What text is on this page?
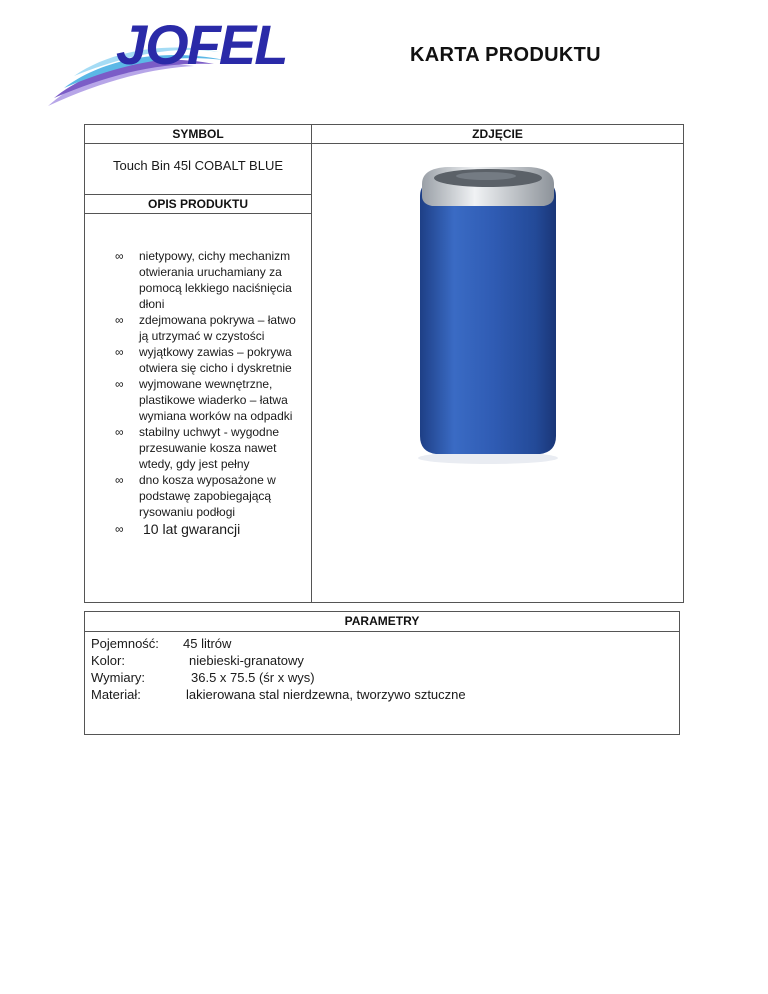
JOFEL	KARTA PRODUKTU
SYMBOL	ZDJĘCIE
Touch Bin 45l COBALT BLUE
OPIS PRODUKTU
∞ nietypowy, cichy mechanizm otwierania uruchamiany za pomocą lekkiego naciśnięcia dłoni
∞ zdejmowana pokrywa – łatwo ją utrzymać w czystości
∞ wyjątkowy zawias – pokrywa otwiera się cicho i dyskretnie
∞ wyjmowane wewnętrzne, plastikowe wiaderko – łatwa wymiana worków na odpadki
∞ stabilny uchwyt - wygodne przesuwanie kosza nawet wtedy, gdy jest pełny
∞ dno kosza wyposażone w podstawę zapobiegającą rysowaniu podłogi
∞ 10 lat gwarancji
PARAMETRY
Pojemność: 45 litrów
Kolor:	niebieski-granatowy
Wymiary:	36.5 x 75.5 (śr x wys)
Materiał:	lakierowana stal nierdzewna, tworzywo sztuczne
